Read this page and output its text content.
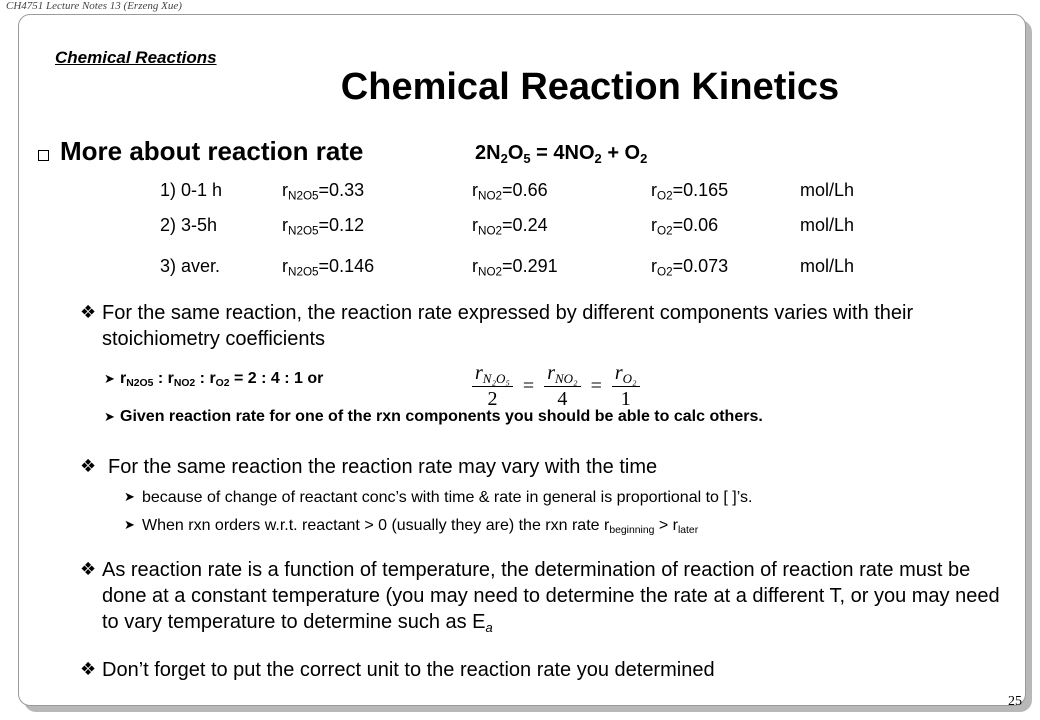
Chemical Reactions
CH4751 Lecture Notes 13 (Erzeng Xue)
Chemical Reaction Kinetics
More about reaction rate	$2N_2O_5 = 4NO_2 + O_2$
1) 0-1 h	$r_{N2O5}=0.33$	$r_{NO2}=0.66$	$r_{O2}=0.165$	mol/Lh
2) 3-5h	$r_{N2O5}=0.12$	$r_{NO2}=0.24$	$r_{O2}=0.06$	mol/Lh
3) aver.	$r_{N2O5}=0.146$	$r_{NO2}=0.291$	$r_{O2}=0.073$	mol/Lh
❖ For the same reaction, the reaction rate expressed by different components varies with their stoichiometry coefficients
➤ $r_{N2O5}$ : $r_{NO2}$ : $r_{O2} = 2$ : 4 : 1 or	$\frac{r_{N_2O_5}}{2} = \frac{r_{NO_2}}{4} = \frac{r_{O_2}}{1}$
➤ Given reaction rate for one of the rxn components you should be able to calc others.
❖ For the same reaction the reaction rate may vary with the time
➤ because of change of reactant conc’s with time & rate in general is proportional to [ ]’s.
➤ When rxn orders w.r.t. reactant > 0 (usually they are) the rxn rate $r_{beginning} > r_{later}$
❖ As reaction rate is a function of temperature, the determination of reaction of reaction rate must be done at a constant temperature (you may need to determine the rate at a different T, or you may need to vary temperature to determine such as $E_a$
❖ Don’t forget to put the correct unit to the reaction rate you determined
25
